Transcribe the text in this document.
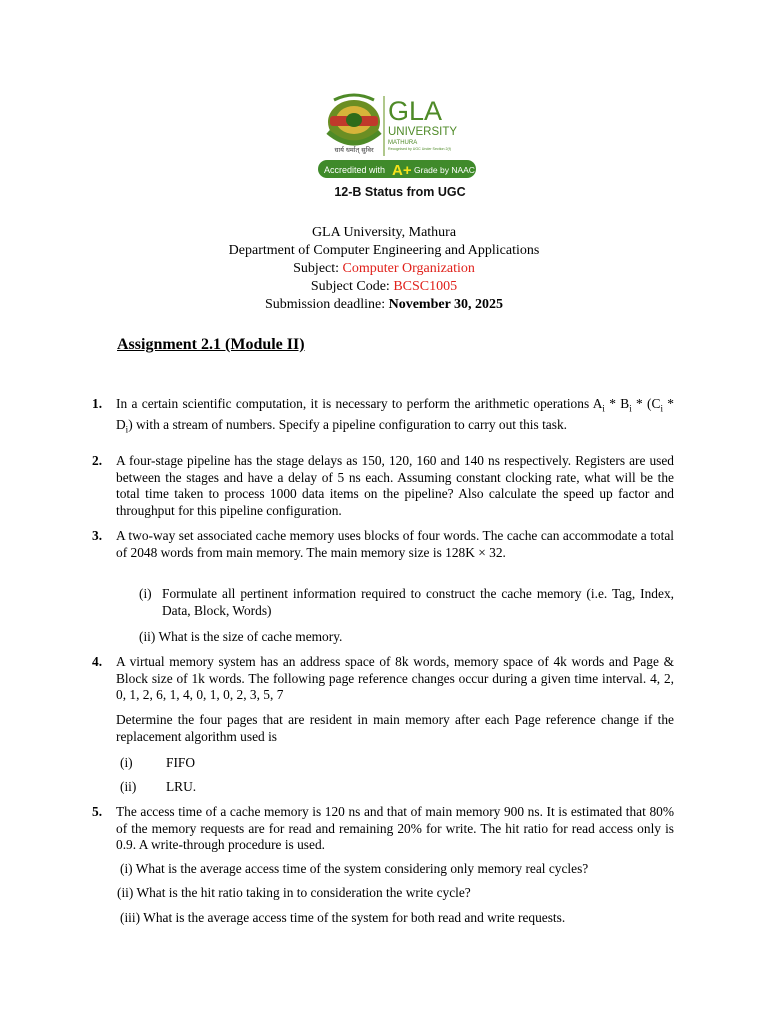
धार्य धर्मात् सुविर
GLA
UNIVERSITY
MATHURA
Recognised by UGC Under Section 2(f)
Accredited with A+ Grade by NAAC
12-B Status from UGC
GLA University, Mathura
Department of Computer Engineering and Applications
Subject: Computer Organization
Subject Code: BCSC1005
Submission deadline: November 30, 2025
Assignment 2.1 (Module II)
1. In a certain scientific computation, it is necessary to perform the arithmetic operations $A_i * B_i * (C_i * D_i)$ with a stream of numbers. Specify a pipeline configuration to carry out this task.

2. A four-stage pipeline has the stage delays as 150, 120, 160 and 140 ns respectively. Registers are used between the stages and have a delay of 5 ns each. Assuming constant clocking rate, what will be the total time taken to process 1000 data items on the pipeline? Also calculate the speed up factor and throughput for this pipeline configuration.

3. A two-way set associated cache memory uses blocks of four words. The cache can accommodate a total of 2048 words from main memory. The main memory size is 128K × 32.

(i) Formulate all pertinent information required to construct the cache memory (i.e. Tag, Index, Data, Block, Words)

(ii) What is the size of cache memory.
4. A virtual memory system has an address space of 8k words, memory space of 4k words and Page & Block size of 1k words. The following page reference changes occur during a given time interval. 4, 2, 0, 1, 2, 6, 1, 4, 0, 1, 0, 2, 3, 5, 7

Determine the four pages that are resident in main memory after each Page reference change if the replacement algorithm used is

(i) FIFO
(ii) LRU.
5. The access time of a cache memory is 120 ns and that of main memory 900 ns. It is estimated that 80% of the memory requests are for read and remaining 20% for write. The hit ratio for read access only is 0.9. A write-through procedure is used.

(i) What is the average access time of the system considering only memory real cycles?
(ii) What is the hit ratio taking in to consideration the write cycle?
(iii) What is the average access time of the system for both read and write requests.
